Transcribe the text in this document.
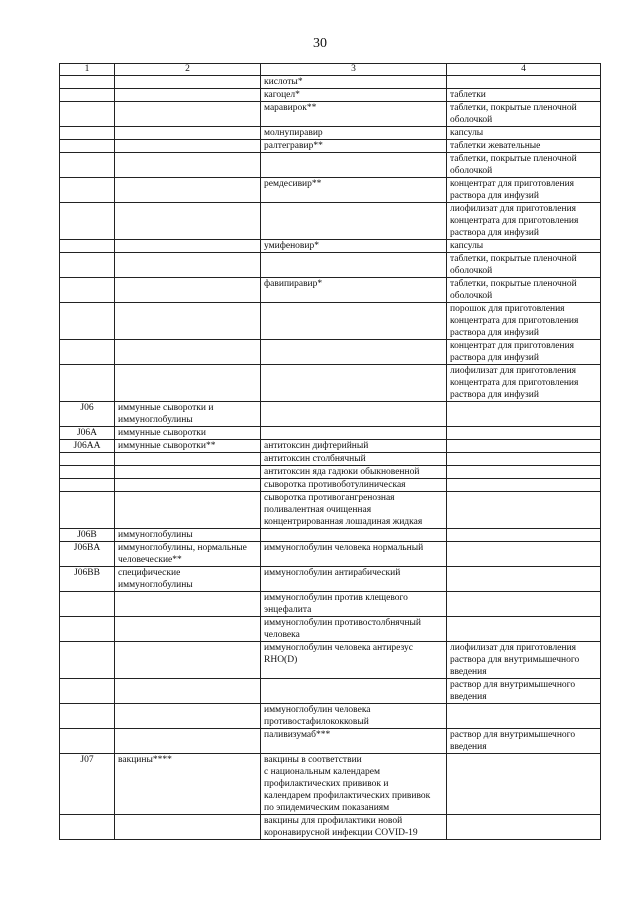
30
1	2	3	4
		кислоты*	
		кагоцел*	таблетки
		маравирок**	таблетки, покрытые пленочной
оболочкой
		молнупиравир	капсулы
		ралтегравир**	таблетки жевательные
			таблетки, покрытые пленочной
оболочкой
		ремдесивир**	концентрат для приготовления
раствора для инфузий
			лиофилизат для приготовления
концентрата для приготовления
раствора для инфузий
		умифеновир*	капсулы
			таблетки, покрытые пленочной
оболочкой
		фавипиравир*	таблетки, покрытые пленочной
оболочкой
			порошок для приготовления
концентрата для приготовления
раствора для инфузий
			концентрат для приготовления
раствора для инфузий
			лиофилизат для приготовления
концентрата для приготовления
раствора для инфузий
J06	иммунные сыворотки и
иммуноглобулины		
J06A	иммунные сыворотки		
J06AA	иммунные сыворотки**	антитоксин дифтерийный	
		антитоксин столбнячный	
		антитоксин яда гадюки обыкновенной	
		сыворотка противоботулиническая	
		сыворотка противогангренозная
поливалентная очищенная
концентрированная лошадиная жидкая	
J06B	иммуноглобулины		
J06BA	иммуноглобулины, нормальные
человеческие**	иммуноглобулин человека нормальный	
J06BB	специфические
иммуноглобулины	иммуноглобулин антирабический	
		иммуноглобулин против клещевого
энцефалита	
		иммуноглобулин противостолбнячный
человека	
		иммуноглобулин человека антирезус
RHO(D)	лиофилизат для приготовления
раствора для внутримышечного
введения
			раствор для внутримышечного
введения
		иммуноглобулин человека
противостафилококковый	
		паливизумаб***	раствор для внутримышечного
введения
J07	вакцины****	вакцины в соответствии
с национальным календарем
профилактических прививок и
календарем профилактических прививок
по эпидемическим показаниям	
		вакцины для профилактики новой
коронавирусной инфекции COVID-19	
